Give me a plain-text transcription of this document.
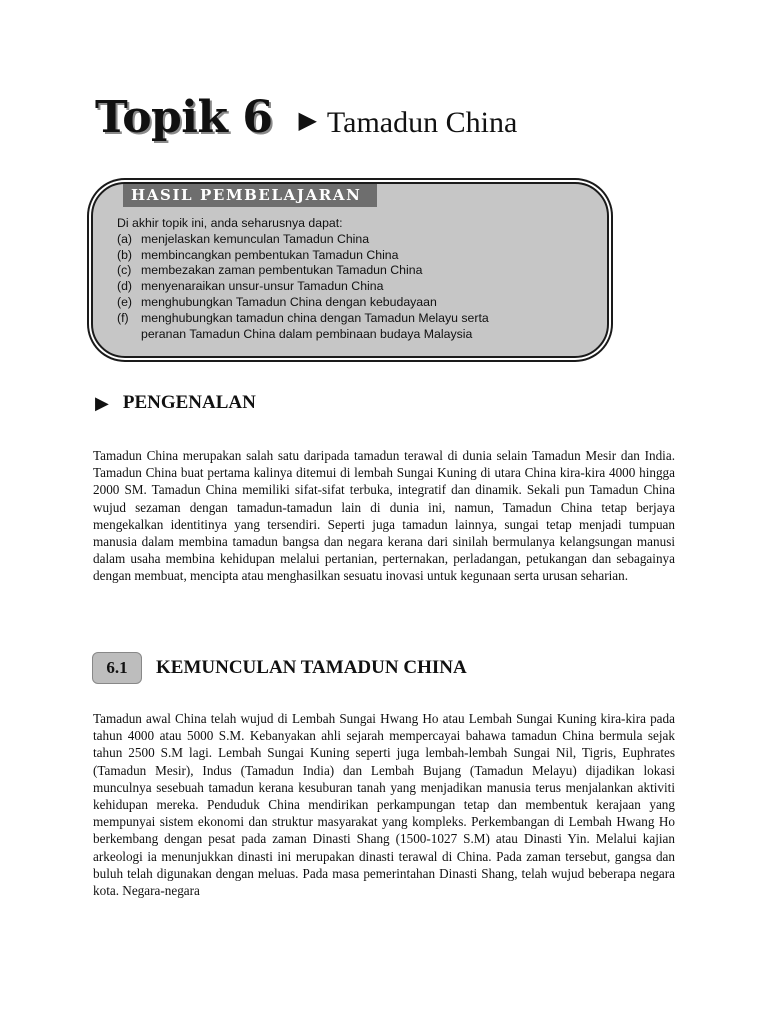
Topik 6 ▶ Tamadun China
HASIL PEMBELAJARAN
Di akhir topik ini, anda seharusnya dapat:
(a) menjelaskan kemunculan Tamadun China
(b) membincangkan pembentukan Tamadun China
(c) membezakan zaman pembentukan Tamadun China
(d) menyenaraikan unsur-unsur Tamadun China
(e) menghubungkan Tamadun China dengan kebudayaan
(f)	menghubungkan tamadun china dengan Tamadun Melayu serta
peranan Tamadun China dalam pembinaan budaya Malaysia
▶ PENGENALAN
Tamadun China merupakan salah satu daripada tamadun terawal di dunia selain Tamadun Mesir dan India. Tamadun China buat pertama kalinya ditemui di lembah Sungai Kuning di utara China kira-kira 4000 hingga 2000 SM. Tamadun China memiliki sifat-sifat terbuka, integratif dan dinamik. Sekali pun Tamadun China wujud sezaman dengan tamadun-tamadun lain di dunia ini, namun, Tamadun China tetap berjaya mengekalkan identitinya yang tersendiri. Seperti juga tamadun lainnya, sungai tetap menjadi tumpuan manusia dalam membina tamadun bangsa dan negara kerana dari sinilah bermulanya kelangsungan manusi dalam usaha membina kehidupan melalui pertanian, perternakan, perladangan, petukangan dan sebagainya dengan membuat, mencipta atau menghasilkan sesuatu inovasi untuk kegunaan serta urusan seharian.
6.1	KEMUNCULAN TAMADUN CHINA
Tamadun awal China telah wujud di Lembah Sungai Hwang Ho atau Lembah Sungai Kuning kira-kira pada tahun 4000 atau 5000 S.M. Kebanyakan ahli sejarah mempercayai bahawa tamadun China bermula sejak tahun 2500 S.M lagi. Lembah Sungai Kuning seperti juga lembah-lembah Sungai Nil, Tigris, Euphrates (Tamadun Mesir), Indus (Tamadun India) dan Lembah Bujang (Tamadun Melayu) dijadikan lokasi munculnya sesebuah tamadun kerana kesuburan tanah yang menjadikan manusia terus menjalankan aktiviti kehidupan mereka. Penduduk China mendirikan perkampungan tetap dan membentuk kerajaan yang mempunyai sistem ekonomi dan struktur masyarakat yang kompleks. Perkembangan di Lembah Hwang Ho berkembang dengan pesat pada zaman Dinasti Shang (1500-1027 S.M) atau Dinasti Yin. Melalui kajian arkeologi ia menunjukkan dinasti ini merupakan dinasti terawal di China. Pada zaman tersebut, gangsa dan buluh telah digunakan dengan meluas. Pada masa pemerintahan Dinasti Shang, telah wujud beberapa negara kota. Negara-negara
